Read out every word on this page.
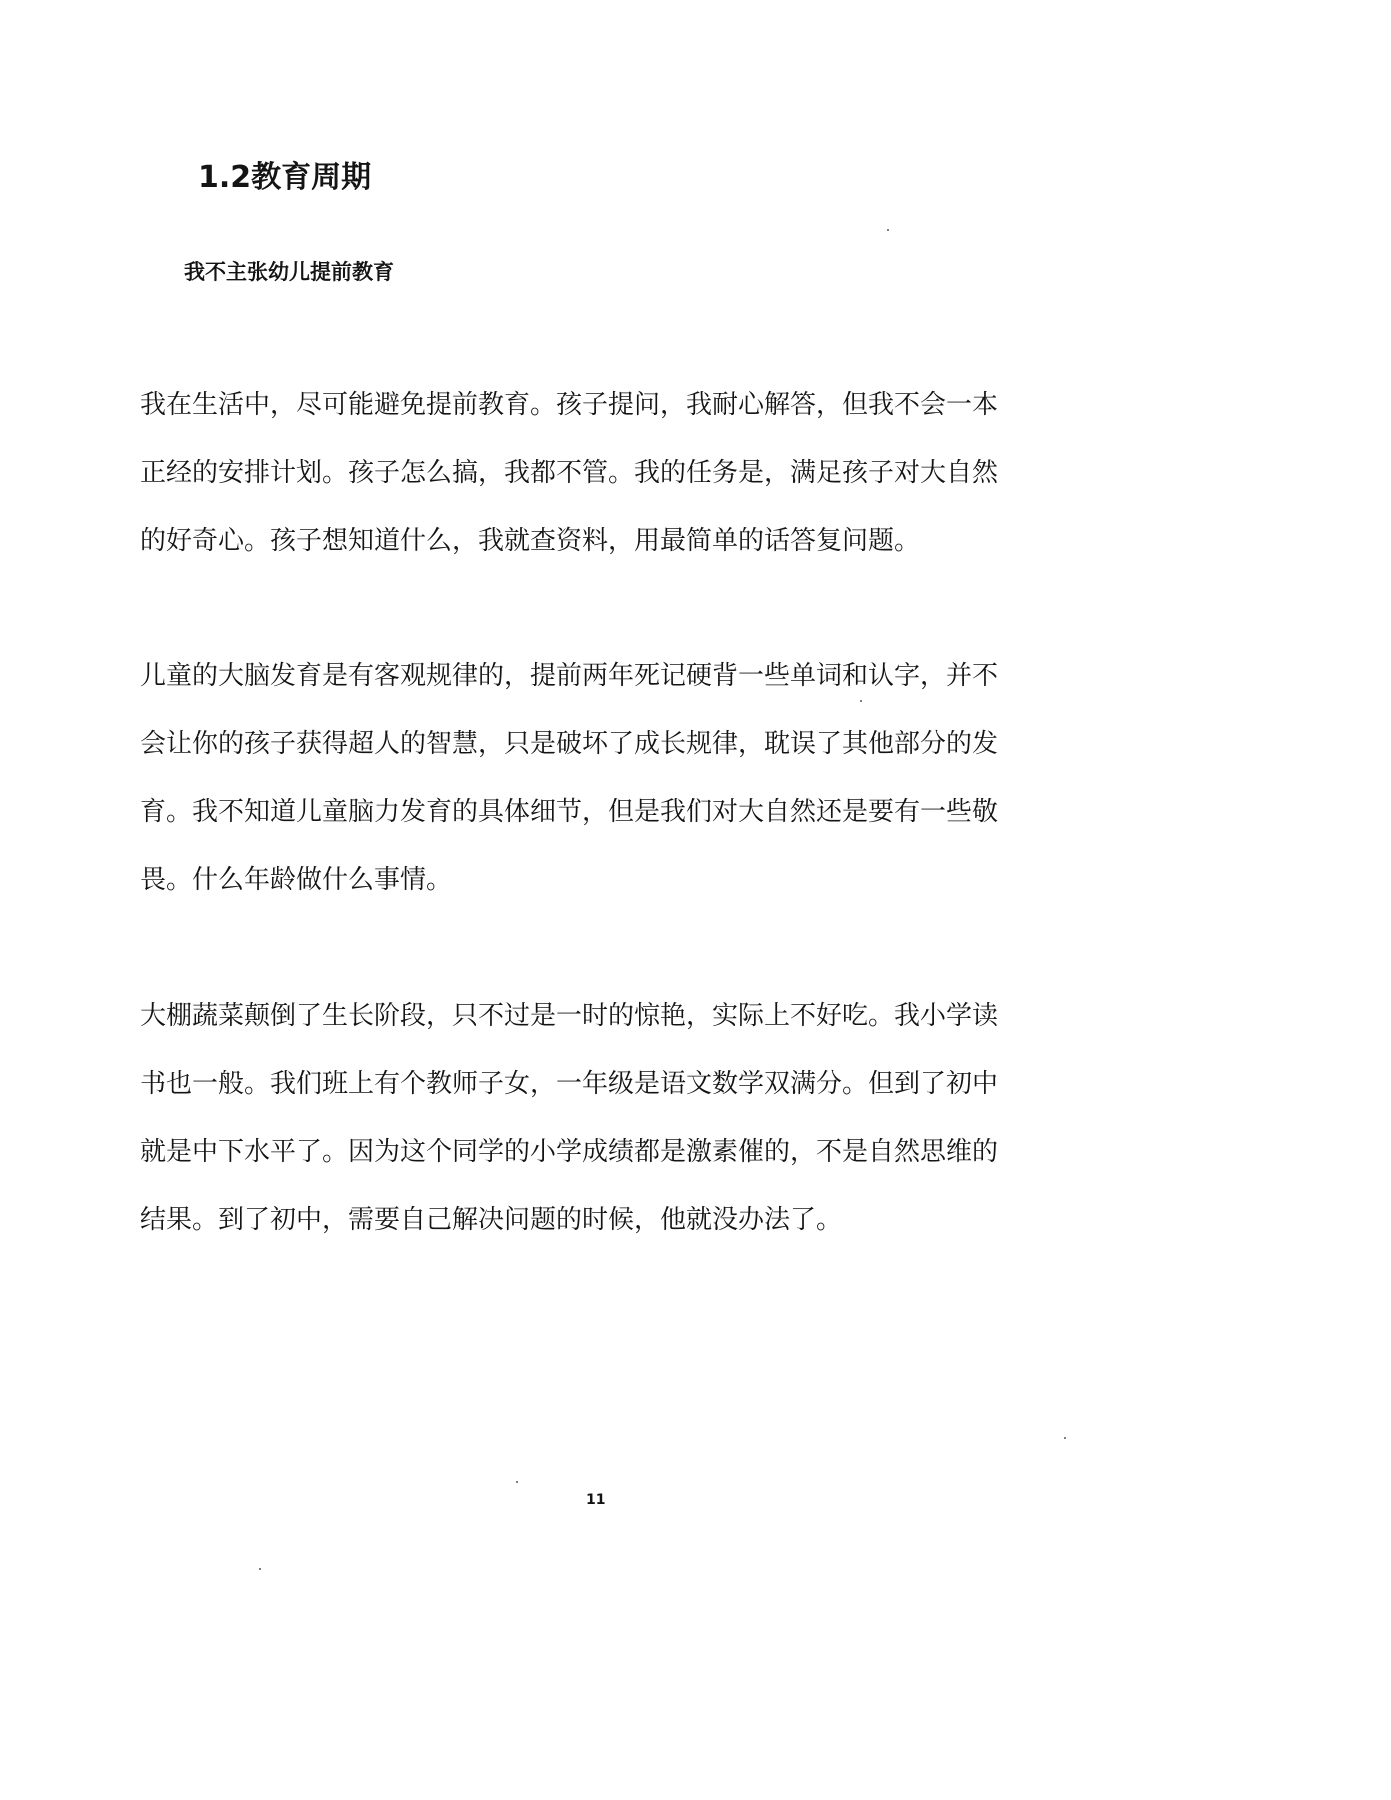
1.2教育周期
我不主张幼儿提前教育
我在生活中，尽可能避免提前教育。孩子提问，我耐心解答，但我不会一本
正经的安排计划。孩子怎么搞，我都不管。我的任务是，满足孩子对大自然
的好奇心。孩子想知道什么，我就查资料，用最简单的话答复问题。
儿童的大脑发育是有客观规律的，提前两年死记硬背一些单词和认字，并不
会让你的孩子获得超人的智慧，只是破坏了成长规律，耽误了其他部分的发
育。我不知道儿童脑力发育的具体细节，但是我们对大自然还是要有一些敬
畏。什么年龄做什么事情。
大棚蔬菜颠倒了生长阶段，只不过是一时的惊艳，实际上不好吃。我小学读
书也一般。我们班上有个教师子女，一年级是语文数学双满分。但到了初中
就是中下水平了。因为这个同学的小学成绩都是激素催的，不是自然思维的
结果。到了初中，需要自己解决问题的时候，他就没办法了。
11
